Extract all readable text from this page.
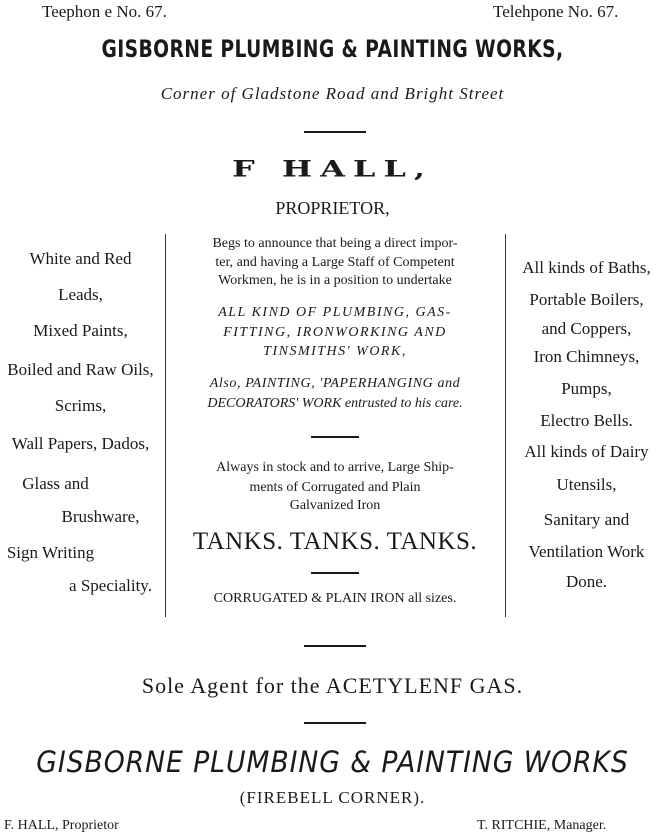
Teephon e No. 67.	Telehpone No. 67.
GISBORNE PLUMBING & PAINTING WORKS,
Corner of Gladstone Road and Bright Street
F HALL,
PROPRIETOR,
White and Red
Leads,
Mixed Paints,
Boiled and Raw Oils,
Scrims,
Wall Papers, Dados,
Glass and
Brushware,
Sign Writing
a Speciality.
Begs to announce that being a direct impor-
ter, and having a Large Staff of Competent
Workmen, he is in a position to undertake
ALL KIND OF PLUMBING, GAS-
FITTING, IRONWORKING AND
TINSMITHS' WORK,
Also, PAINTING, 'PAPERHANGING and
DECORATORS' WORK entrusted to his care.
Always in stock and to arrive, Large Ship-
ments of Corrugated and Plain
Galvanized Iron
TANKS. TANKS. TANKS.
CORRUGATED & PLAIN IRON all sizes.
All kinds of Baths,
Portable Boilers,
and Coppers,
Iron Chimneys,
Pumps,
Electro Bells.
All kinds of Dairy
Utensils,
Sanitary and
Ventilation Work
Done.
Sole Agent for the ACETYLENF GAS.
GISBORNE PLUMBING & PAINTING WORKS
(FIREBELL CORNER).
F. HALL, Proprietor	T. RITCHIE, Manager.
